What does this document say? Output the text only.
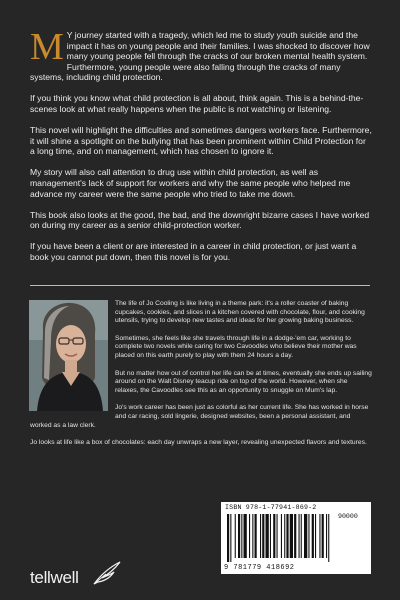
M Y journey started with a tragedy, which led me to study youth suicide and the impact it has on young people and their families. I was shocked to discover how many young people fell through the cracks of our broken mental health system. Furthermore, young people were also falling through the cracks of many systems, including child protection.

If you think you know what child protection is all about, think again. This is a behind-the-scenes look at what really happens when the public is not watching or listening.

This novel will highlight the difficulties and sometimes dangers workers face. Furthermore, it will shine a spotlight on the bullying that has been prominent within Child Protection for a long time, and on management, which has chosen to ignore it.

My story will also call attention to drug use within child protection, as well as management's lack of support for workers and why the same people who helped me advance my career were the same people who tried to take me down.

This book also looks at the good, the bad, and the downright bizarre cases I have worked on during my career as a senior child-protection worker.

If you have been a client or are interested in a career in child protection, or just want a book you cannot put down, then this novel is for you.

The life of Jo Cooling is like living in a theme park: it's a roller coaster of baking cupcakes, cookies, and slices in a kitchen covered with chocolate, flour, and cooking utensils, trying to develop new tastes and ideas for her growing baking business.

Sometimes, she feels like she travels through life in a dodge-'em car, working to complete two novels while caring for two Cavoodles who believe their mother was placed on this earth purely to play with them 24 hours a day.

But no matter how out of control her life can be at times, eventually she ends up sailing around on the Walt Disney teacup ride on top of the world. However, when she relaxes, the Cavoodles see this as an opportunity to snuggle on Mum's lap.

Jo's work career has been just as colorful as her current life. She has worked in horse and car racing, sold lingerie, designed websites, been a personal assistant, and worked as a law clerk.

Jo looks at life like a box of chocolates: each day unwraps a new layer, revealing unexpected flavors and textures.

ISBN 978-1-77941-869-2
90000
9 781779 418692
tellwell
